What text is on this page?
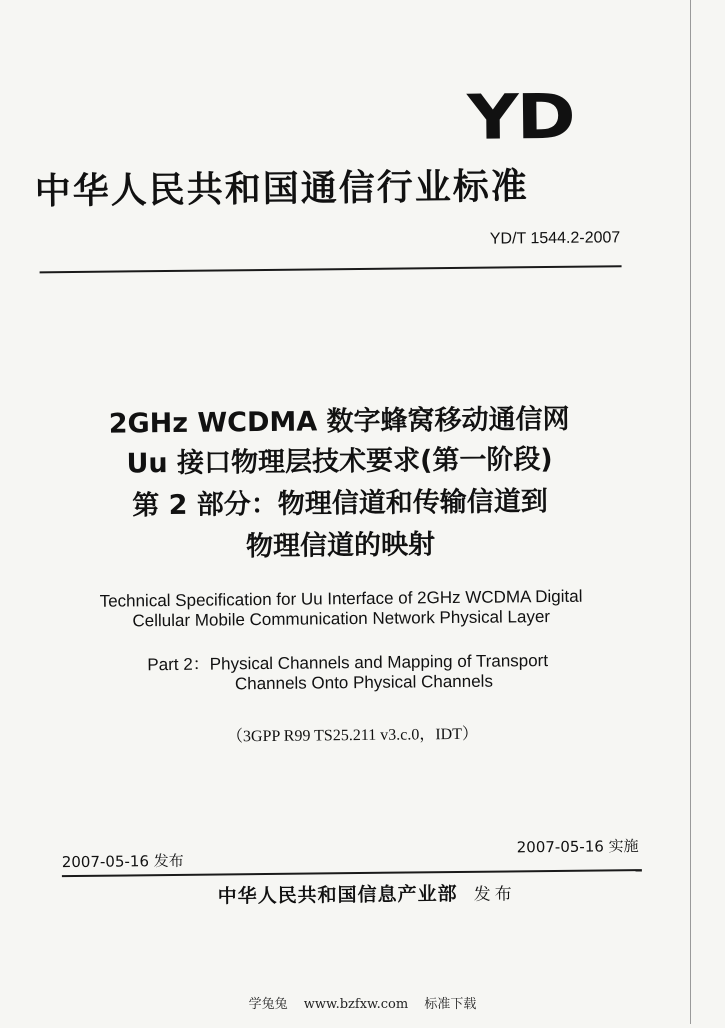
YD
中华人民共和国通信行业标准
YD/T 1544.2-2007
2GHz WCDMA 数字蜂窝移动通信网
Uu 接口物理层技术要求(第一阶段)
第 2 部分：物理信道和传输信道到
物理信道的映射
Technical Specification for Uu Interface of 2GHz WCDMA Digital
Cellular Mobile Communication Network Physical Layer
Part 2：Physical Channels and Mapping of Transport
Channels Onto Physical Channels
（3GPP R99 TS25.211 v3.c.0，IDT）
2007-05-16 发布
2007-05-16 实施
中华人民共和国信息产业部 发布
学兔兔 www.bzfxw.com 标准下载
